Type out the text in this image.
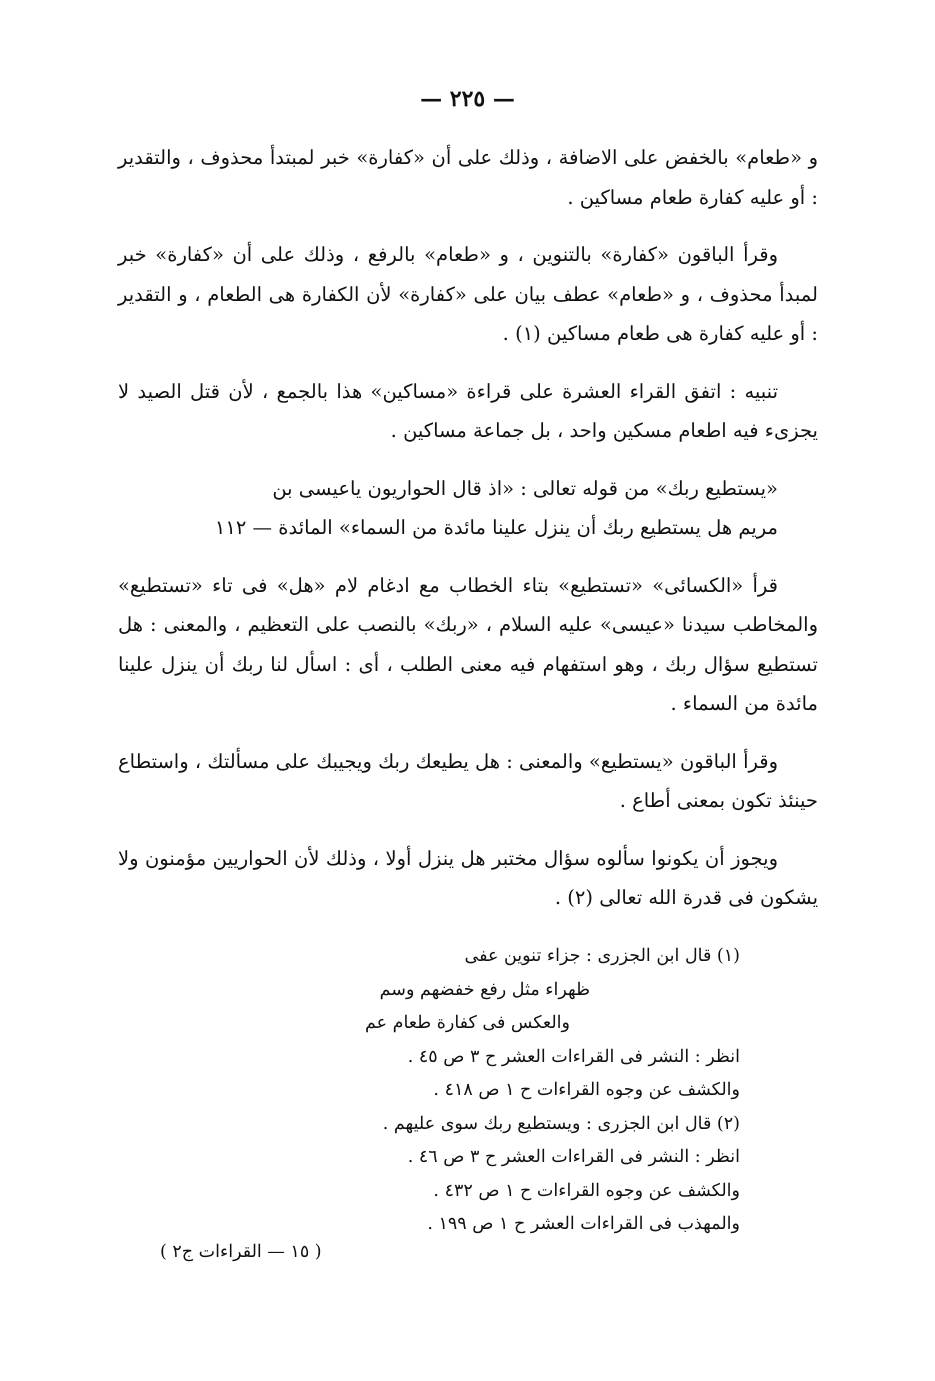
— ٢٢٥ —

و «طعام» بالخفض على الاضافة ، وذلك على أن «كفارة» خبر لمبتدأ محذوف ، والتقدير : أو عليه كفارة طعام مساكين .

وقرأ الباقون «كفارة» بالتنوين ، و «طعام» بالرفع ، وذلك على أن «كفارة» خبر لمبدأ محذوف ، و «طعام» عطف بيان على «كفارة» لأن الكفارة هى الطعام ، و التقدير : أو عليه كفارة هى طعام مساكين (١) .

تنبيه : اتفق القراء العشرة على قراءة «مساكين» هذا بالجمع ، لأن قتل الصيد لا يجزىء فيه اطعام مسكين واحد ، بل جماعة مساكين .

«يستطيع ربك» من قوله تعالى : «اذ قال الحواريون ياعيسى بن
مريم هل يستطيع ربك أن ينزل علينا مائدة من السماء» المائدة — ١١٢

قرأ «الكسائى» «تستطيع» بتاء الخطاب مع ادغام لام «هل» فى تاء «تستطيع» والمخاطب سيدنا «عيسى» عليه السلام ، «ربك» بالنصب على التعظيم ، والمعنى : هل تستطيع سؤال ربك ، وهو استفهام فيه معنى الطلب ، أى : اسأل لنا ربك أن ينزل علينا مائدة من السماء .

وقرأ الباقون «يستطيع» والمعنى : هل يطيعك ربك ويجيبك على مسألتك ، واستطاع حينئذ تكون بمعنى أطاع .

ويجوز أن يكونوا سألوه سؤال مختبر هل ينزل أولا ، وذلك لأن الحواريين مؤمنون ولا يشكون فى قدرة الله تعالى (٢) .

(١) قال ابن الجزرى : جزاء تنوين عفى
ظهراء مثل رفع خفضهم وسم
والعكس فى كفارة طعام عم
انظر : النشر فى القراءات العشر ح ٣ ص ٤٥ .
والكشف عن وجوه القراءات ح ١ ص ٤١٨ .
(٢) قال ابن الجزرى : ويستطيع ربك سوى عليهم .
انظر : النشر فى القراءات العشر ح ٣ ص ٤٦ .
والكشف عن وجوه القراءات ح ١ ص ٤٣٢ .
والمهذب فى القراءات العشر ح ١ ص ١٩٩ .
( ١٥ — القراءات ج٢ )
